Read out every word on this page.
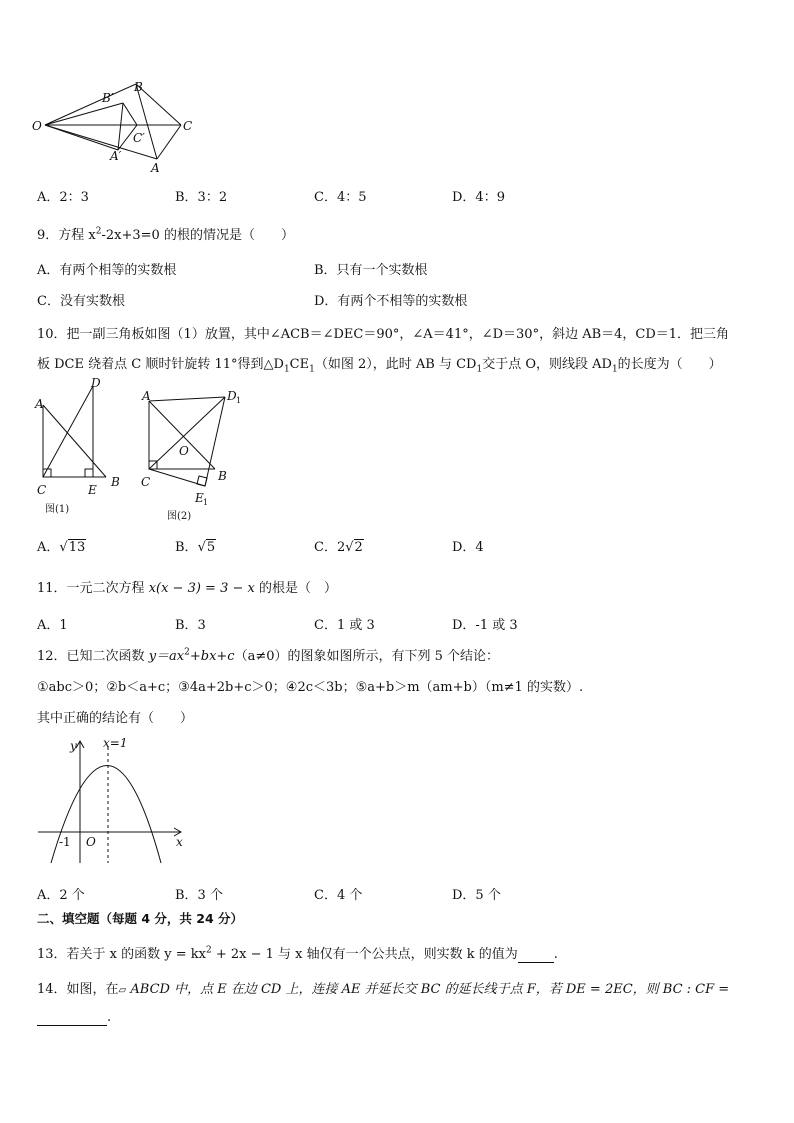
O
B
B′
C
C′
A′
A
A．2：3	B．3：2	C．4：5	D．4：9
9．方程 $x^2-2x+3=0$ 的根的情况是（　　）
A．有两个相等的实数根	B．只有一个实数根
C．没有实数根	D．有两个不相等的实数根
10．把一副三角板如图（1）放置，其中∠ACB＝∠DEC＝90°，∠A＝41°，∠D＝30°，斜边 AB＝4，CD＝1．把三角
板 DCE 绕着点 C 顺时针旋转 11°得到$\triangle D_1CE_1$（如图 2），此时 AB 与 $CD_1$交于点 O，则线段 $AD_1$的长度为（　　）
A
D
C	E
B
图(1)
A	D 1
O
C	B
E 1
图(2)
A．√13	B．√5	C．2√2	D．4
11．一元二次方程 x(x − 3) = 3 − x 的根是（　）
A．1	B．3	C．1 或 3	D．-1 或 3
12．已知二次函数 $y=ax^2+bx+c(a\ne 0)$的图象如图所示，有下列 5 个结论：
①abc＞0；②b＜a+c；③4a+2b+c＞0；④2c＜3b；⑤a+b＞m（am+b）（m≠1 的实数）.
其中正确的结论有（　　）
y
x
x=1
-1 O
A．2 个	B．3 个	C．4 个	D．5 个
二、填空题（每题 4 分，共 24 分）
13．若关于 x 的函数 $y = kx^2 + 2x - 1$ 与 x 轴仅有一个公共点，则实数 k 的值为	.
14．如图，在▱ ABCD 中，点 E 在边 CD 上，连接 AE 并延长交 BC 的延长线于点 F，若 DE = 2EC，则 BC : CF =
.
